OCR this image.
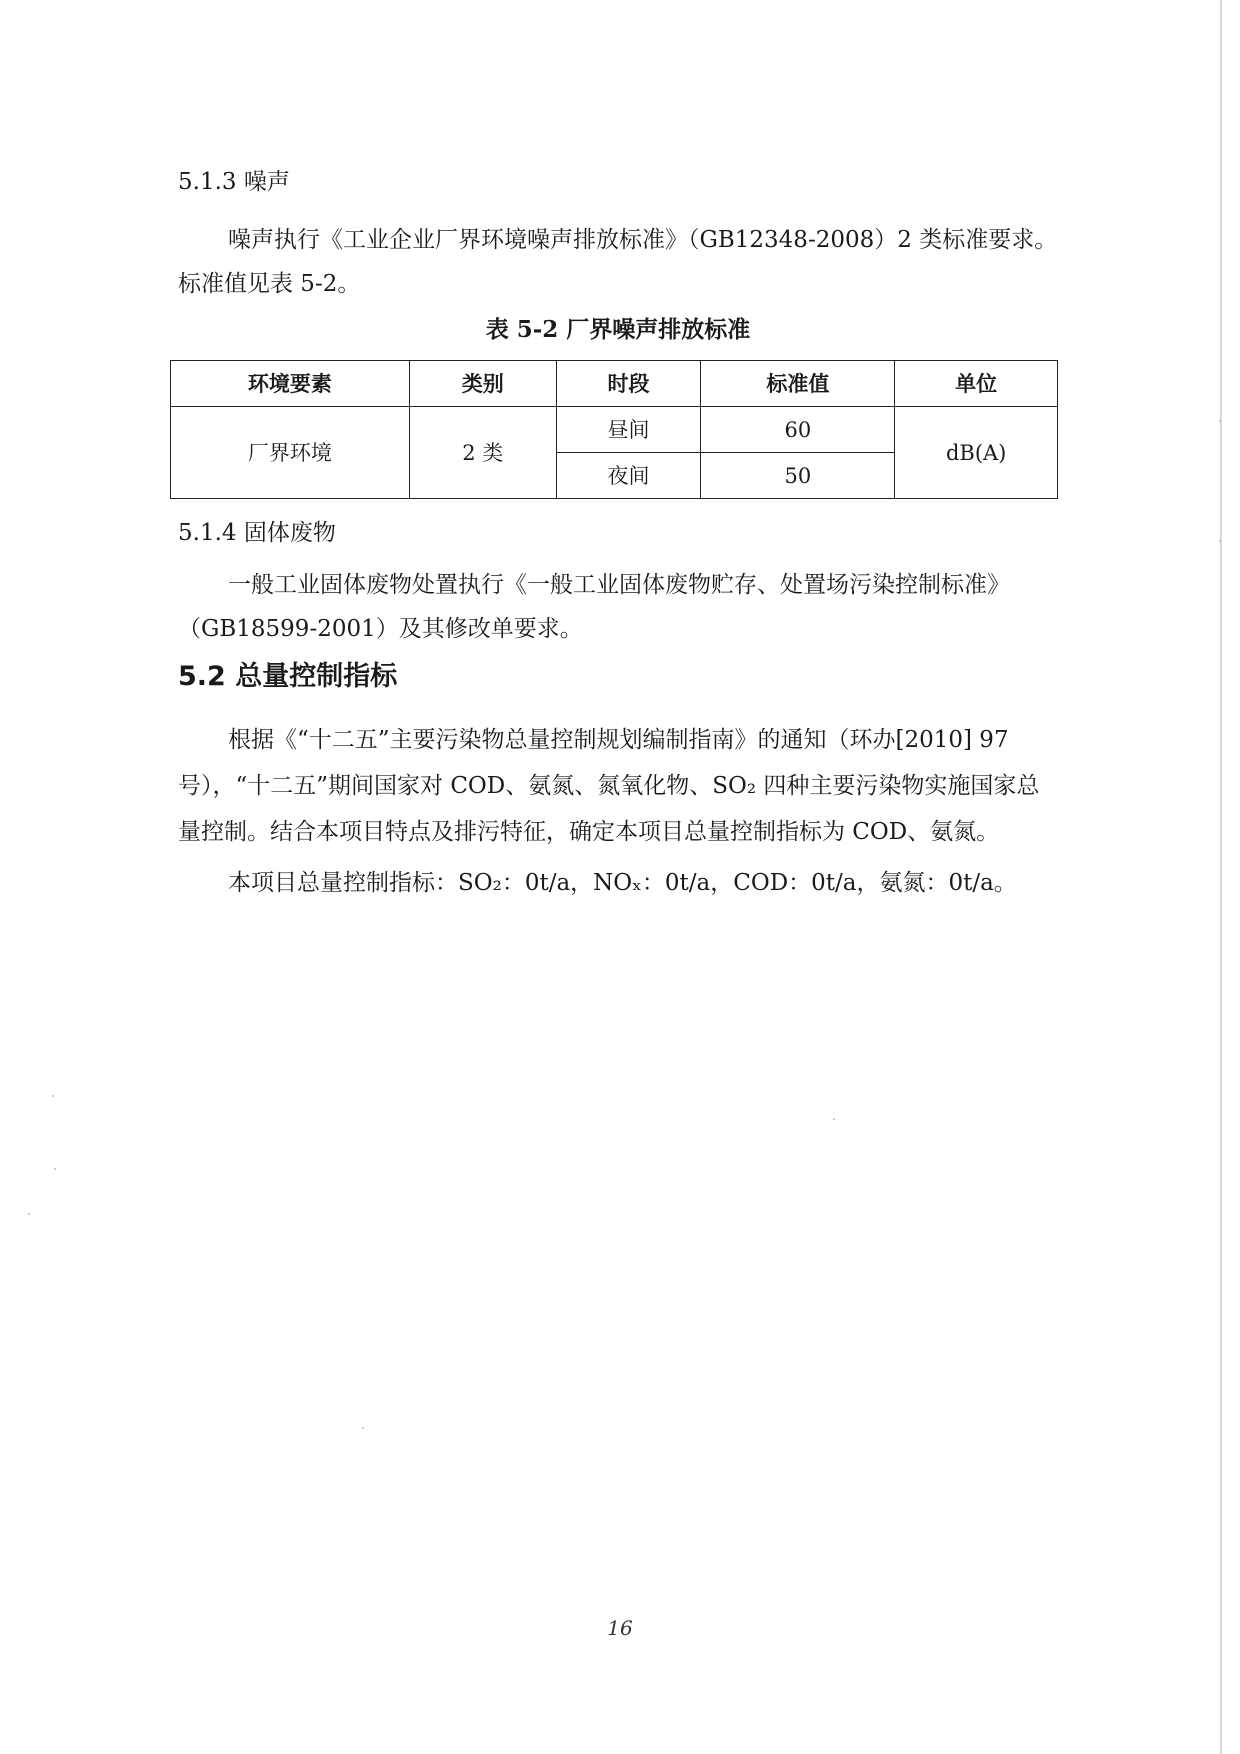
5.1.3 噪声

噪声执行《工业企业厂界环境噪声排放标准》（GB12348-2008）2 类标准要求。标准值见表 5-2。

表 5-2 厂界噪声排放标准
环境要素	类别	时段	标准值	单位
厂界环境	2 类	昼间	60	dB(A)
		夜间	50	

5.1.4 固体废物

一般工业固体废物处置执行《一般工业固体废物贮存、处置场污染控制标准》（GB18599-2001）及其修改单要求。

5.2 总量控制指标

根据《“十二五”主要污染物总量控制规划编制指南》的通知（环办[2010] 97 号），“十二五”期间国家对 COD、氨氮、氮氧化物、SO₂ 四种主要污染物实施国家总量控制。结合本项目特点及排污特征，确定本项目总量控制指标为 COD、氨氮。

本项目总量控制指标：SO₂：0t/a，NOₓ：0t/a，COD：0t/a，氨氮：0t/a。

16
